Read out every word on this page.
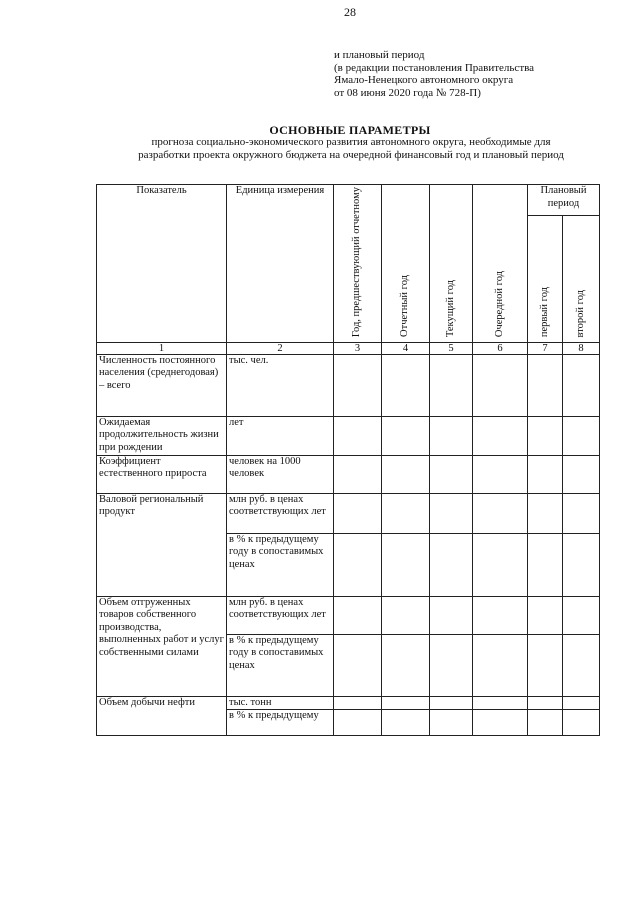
28
и плановый период
(в редакции постановления Правительства
Ямало-Ненецкого автономного округа
от 08 июня 2020 года № 728-П)
ОСНОВНЫЕ ПАРАМЕТРЫ
прогноза социально-экономического развития автономного округа, необходимые для
разработки проекта окружного бюджета на очередной финансовый год и плановый период
Показатель	Единица измерения	Год, предшествующий отчетному	Отчетный год	Текущий год	Очередной год	Плановый период	
						первый год	второй год
1	2	3	4	5	6	7	8
Численность постоянного населения (среднегодовая) – всего	тыс. чел.						
Ожидаемая продолжительность жизни при рождении	лет						
Коэффициент естественного прироста	человек на 1000 человек						
Валовой региональный продукт	млн руб. в ценах соответствующих лет						
	в % к предыдущему году в сопоставимых ценах						
Объем отгруженных товаров собственного производства, выполненных работ и услуг собственными силами	млн руб. в ценах соответствующих лет						
	в % к предыдущему году в сопоставимых ценах						
Объем добычи нефти	тыс. тонн						
	в % к предыдущему						
